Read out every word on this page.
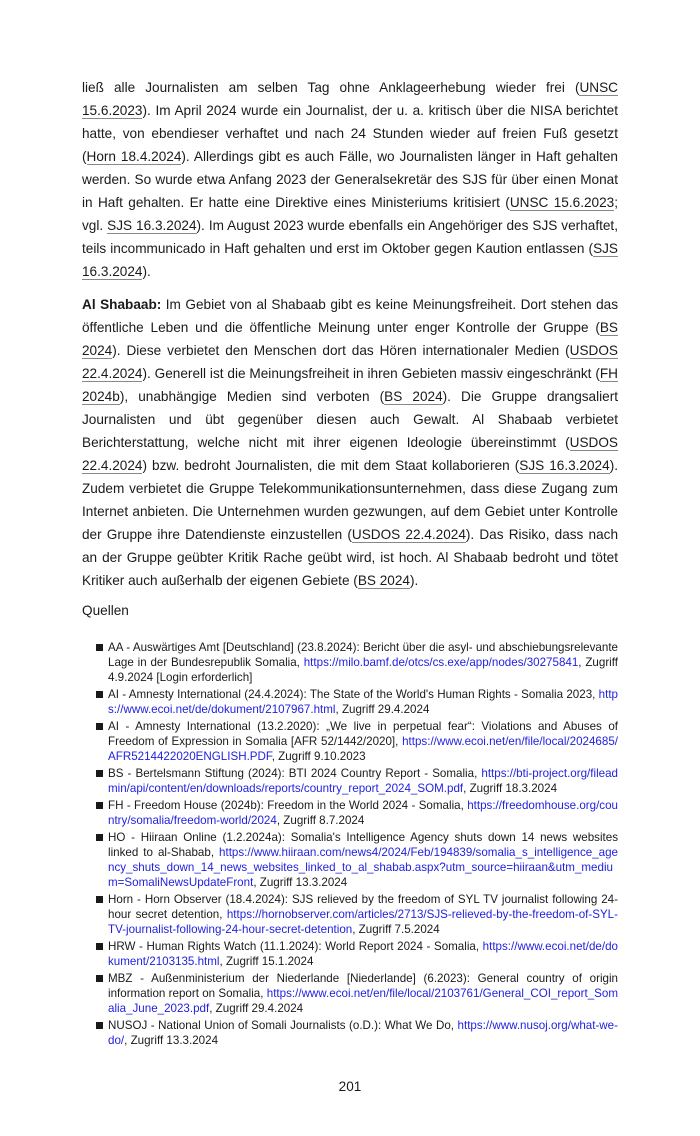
ließ alle Journalisten am selben Tag ohne Anklageerhebung wieder frei (UNSC 15.6.2023). Im April 2024 wurde ein Journalist, der u. a. kritisch über die NISA berichtet hatte, von ebendieser verhaftet und nach 24 Stunden wieder auf freien Fuß gesetzt (Horn 18.4.2024). Allerdings gibt es auch Fälle, wo Journalisten länger in Haft gehalten werden. So wurde etwa Anfang 2023 der Generalsekretär des SJS für über einen Monat in Haft gehalten. Er hatte eine Direktive eines Ministeriums kritisiert (UNSC 15.6.2023; vgl. SJS 16.3.2024). Im August 2023 wurde ebenfalls ein Angehöriger des SJS verhaftet, teils incommunicado in Haft gehalten und erst im Oktober gegen Kaution entlassen (SJS 16.3.2024).

Al Shabaab: Im Gebiet von al Shabaab gibt es keine Meinungsfreiheit. Dort stehen das öffentliche Leben und die öffentliche Meinung unter enger Kontrolle der Gruppe (BS 2024). Diese verbietet den Menschen dort das Hören internationaler Medien (USDOS 22.4.2024). Generell ist die Meinungsfreiheit in ihren Gebieten massiv eingeschränkt (FH 2024b), unabhängige Medien sind verboten (BS 2024). Die Gruppe drangsaliert Journalisten und übt gegenüber diesen auch Gewalt. Al Shabaab verbietet Berichterstattung, welche nicht mit ihrer eigenen Ideologie übereinstimmt (USDOS 22.4.2024) bzw. bedroht Journalisten, die mit dem Staat kollaborieren (SJS 16.3.2024). Zudem verbietet die Gruppe Telekommunikationsunternehmen, dass diese Zugang zum Internet anbieten. Die Unternehmen wurden gezwungen, auf dem Gebiet unter Kontrolle der Gruppe ihre Datendienste einzustellen (USDOS 22.4.2024). Das Risiko, dass nach an der Gruppe geübter Kritik Rache geübt wird, ist hoch. Al Shabaab bedroht und tötet Kritiker auch außerhalb der eigenen Gebiete (BS 2024).

Quellen
AA - Auswärtiges Amt [Deutschland] (23.8.2024): Bericht über die asyl- und abschiebungsrelevante Lage in der Bundesrepublik Somalia, https://milo.bamf.de/otcs/cs.exe/app/nodes/30275841, Zugriff 4.9.2024 [Login erforderlich]
AI - Amnesty International (24.4.2024): The State of the World's Human Rights - Somalia 2023, https://www.ecoi.net/de/dokument/2107967.html, Zugriff 29.4.2024
AI - Amnesty International (13.2.2020): „We live in perpetual fear“: Violations and Abuses of Freedom of Expression in Somalia [AFR 52/1442/2020], https://www.ecoi.net/en/file/local/2024685/AFR5214422020ENGLISH.PDF, Zugriff 9.10.2023
BS - Bertelsmann Stiftung (2024): BTI 2024 Country Report - Somalia, https://bti-project.org/fileadmin/api/content/en/downloads/reports/country_report_2024_SOM.pdf, Zugriff 18.3.2024
FH - Freedom House (2024b): Freedom in the World 2024 - Somalia, https://freedomhouse.org/country/somalia/freedom-world/2024, Zugriff 8.7.2024
HO - Hiiraan Online (1.2.2024a): Somalia's Intelligence Agency shuts down 14 news websites linked to al-Shabab, https://www.hiiraan.com/news4/2024/Feb/194839/somalia_s_intelligence_agency_shuts_down_14_news_websites_linked_to_al_shabab.aspx?utm_source=hiiraan&utm_medium=SomaliNewsUpdateFront, Zugriff 13.3.2024
Horn - Horn Observer (18.4.2024): SJS relieved by the freedom of SYL TV journalist following 24-hour secret detention, https://hornobserver.com/articles/2713/SJS-relieved-by-the-freedom-of-SYL-TV-journalist-following-24-hour-secret-detention, Zugriff 7.5.2024
HRW - Human Rights Watch (11.1.2024): World Report 2024 - Somalia, https://www.ecoi.net/de/dokument/2103135.html, Zugriff 15.1.2024
MBZ - Außenministerium der Niederlande [Niederlande] (6.2023): General country of origin information report on Somalia, https://www.ecoi.net/en/file/local/2103761/General_COI_report_Somalia_June_2023.pdf, Zugriff 29.4.2024
NUSOJ - National Union of Somali Journalists (o.D.): What We Do, https://www.nusoj.org/what-we-do/, Zugriff 13.3.2024
201
